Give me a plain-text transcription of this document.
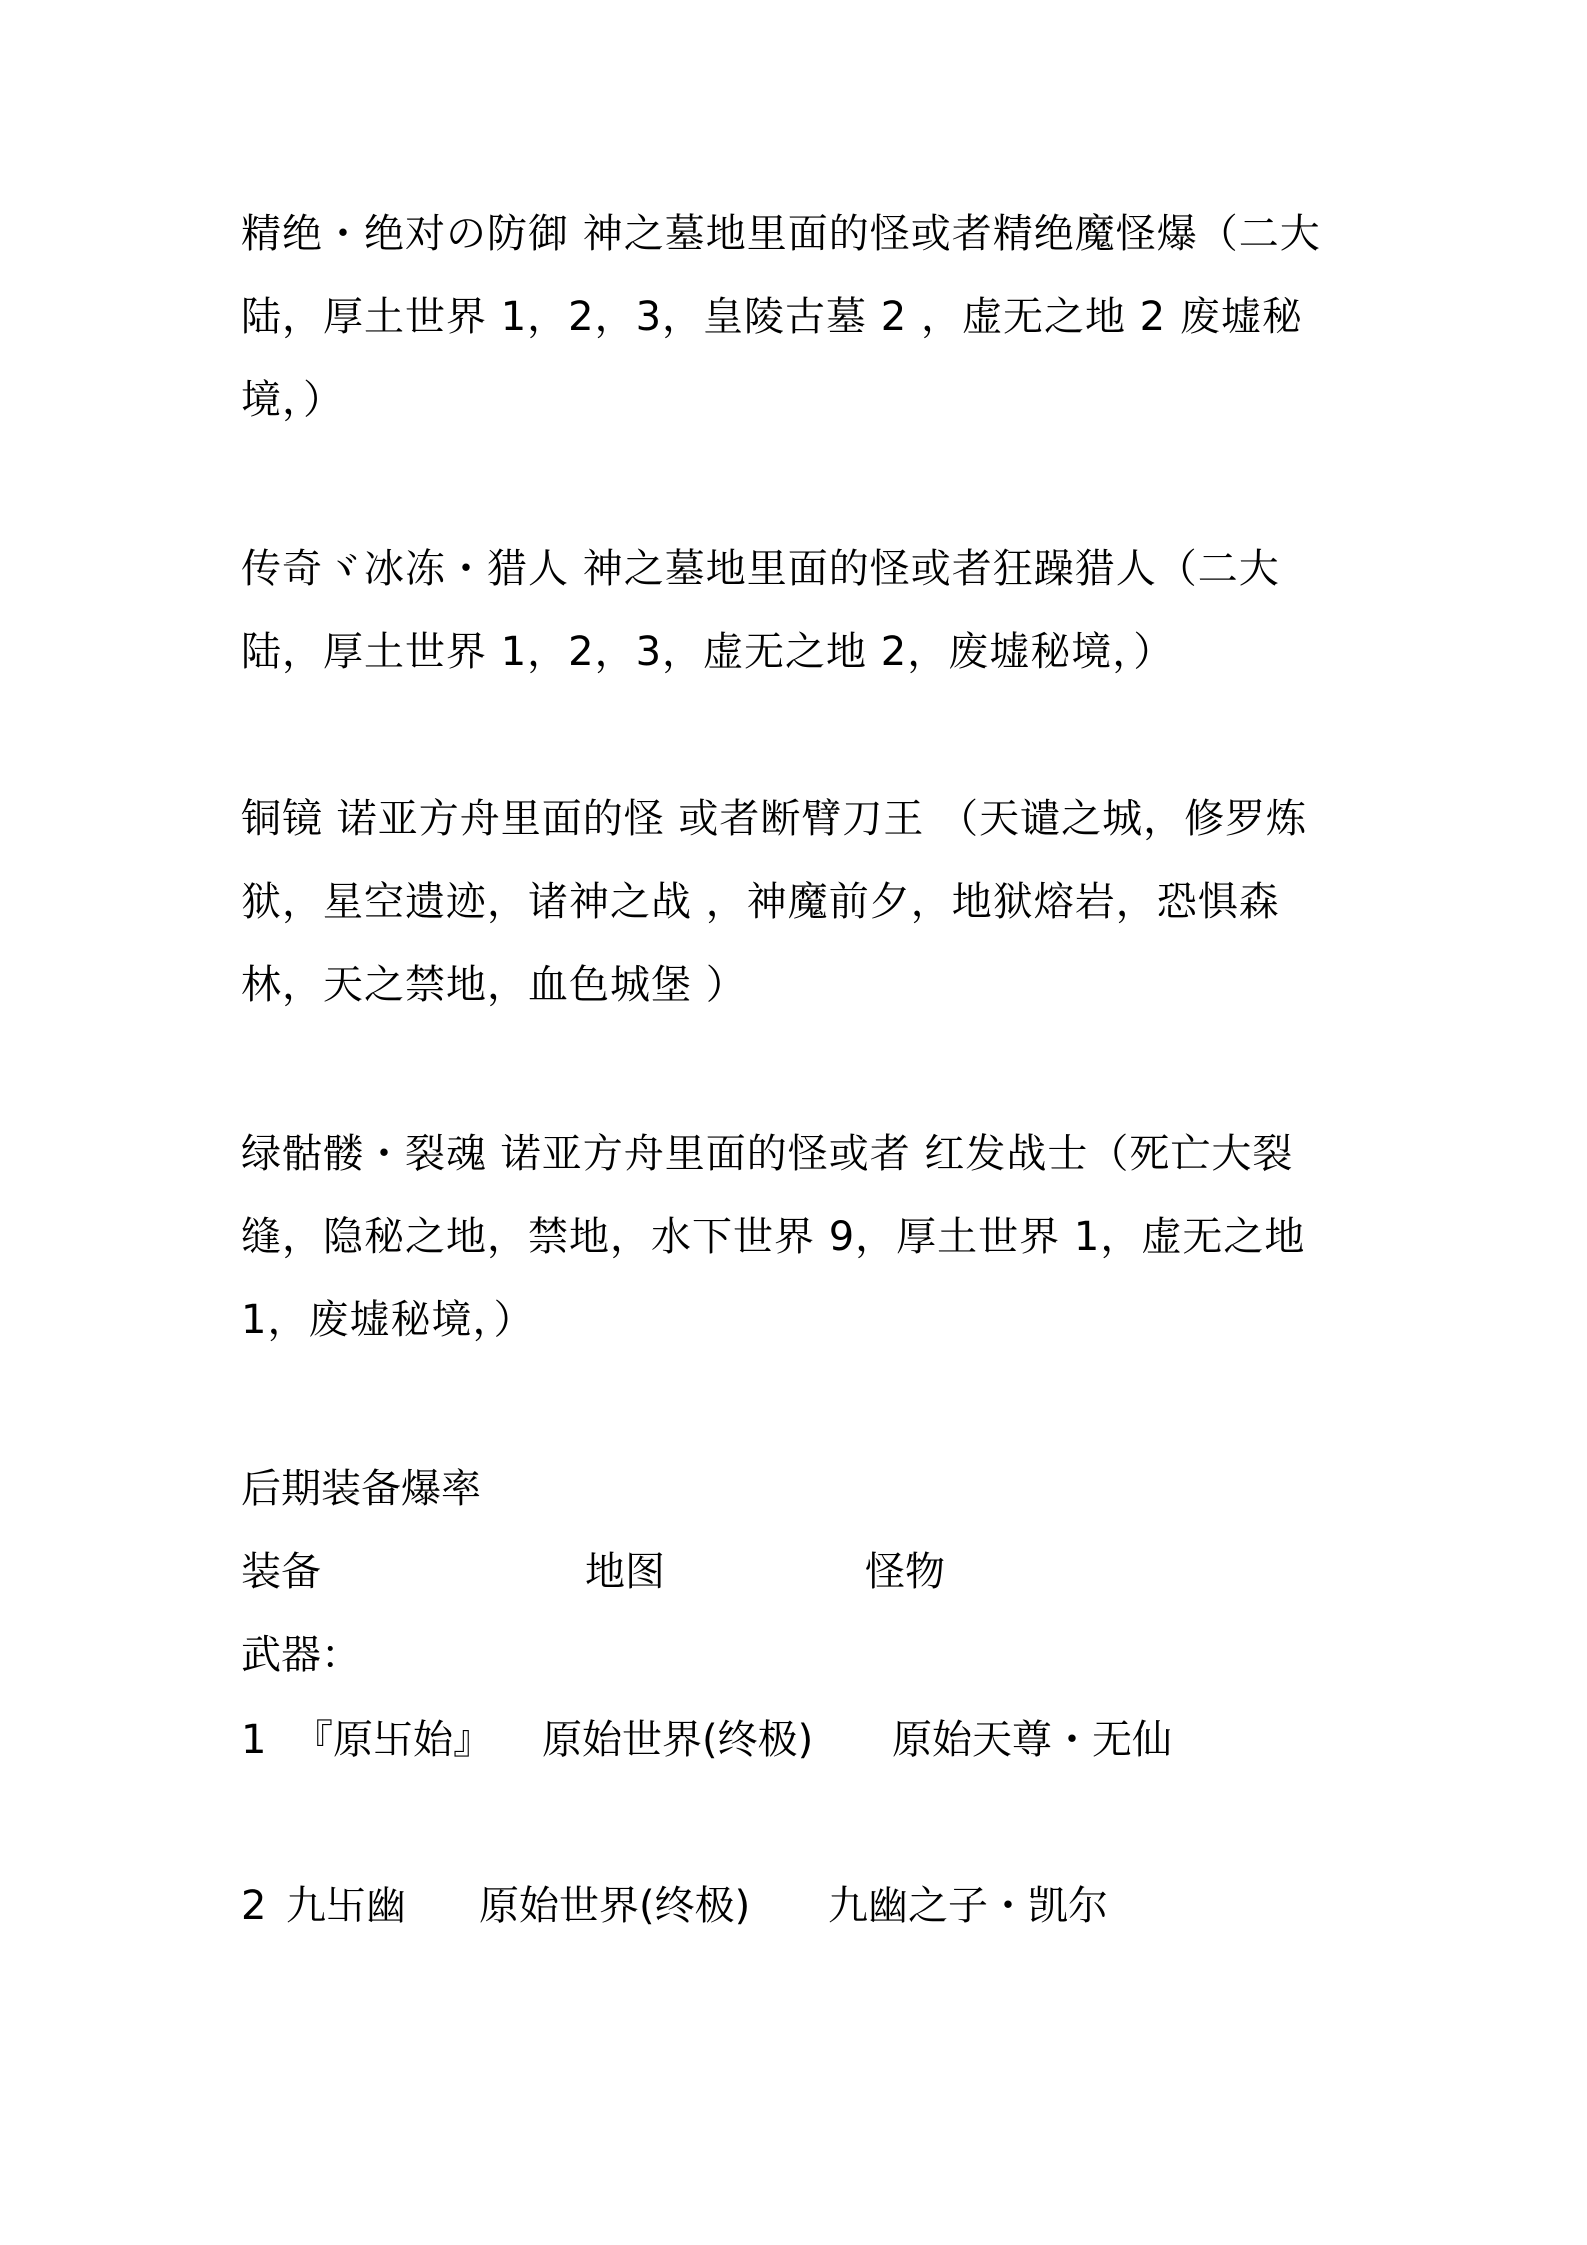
精绝・绝对の防御 神之墓地里面的怪或者精绝魔怪爆（二大陆，厚土世界 1，2，3，皇陵古墓 2 ，虚无之地 2 废墟秘境，）
传奇ヾ冰冻・猎人 神之墓地里面的怪或者狂躁猎人（二大陆，厚土世界 1，2，3，虚无之地 2，废墟秘境，）
铜镜 诺亚方舟里面的怪 或者断臂刀王 （天谴之城，修罗炼狱，星空遗迹，诸神之战 ，神魔前夕，地狱熔岩，恐惧森林，天之禁地，血色城堡 ）
绿骷髅・裂魂 诺亚方舟里面的怪或者 红发战士（死亡大裂缝，隐秘之地，禁地，水下世界 9，厚土世界 1，虚无之地 1，废墟秘境，）
后期装备爆率
装备	地图	怪物
武器：
1 『原卐始』 原始世界(终极) 原始天尊・无仙
2 九卐幽 原始世界(终极) 九幽之子・凯尔
